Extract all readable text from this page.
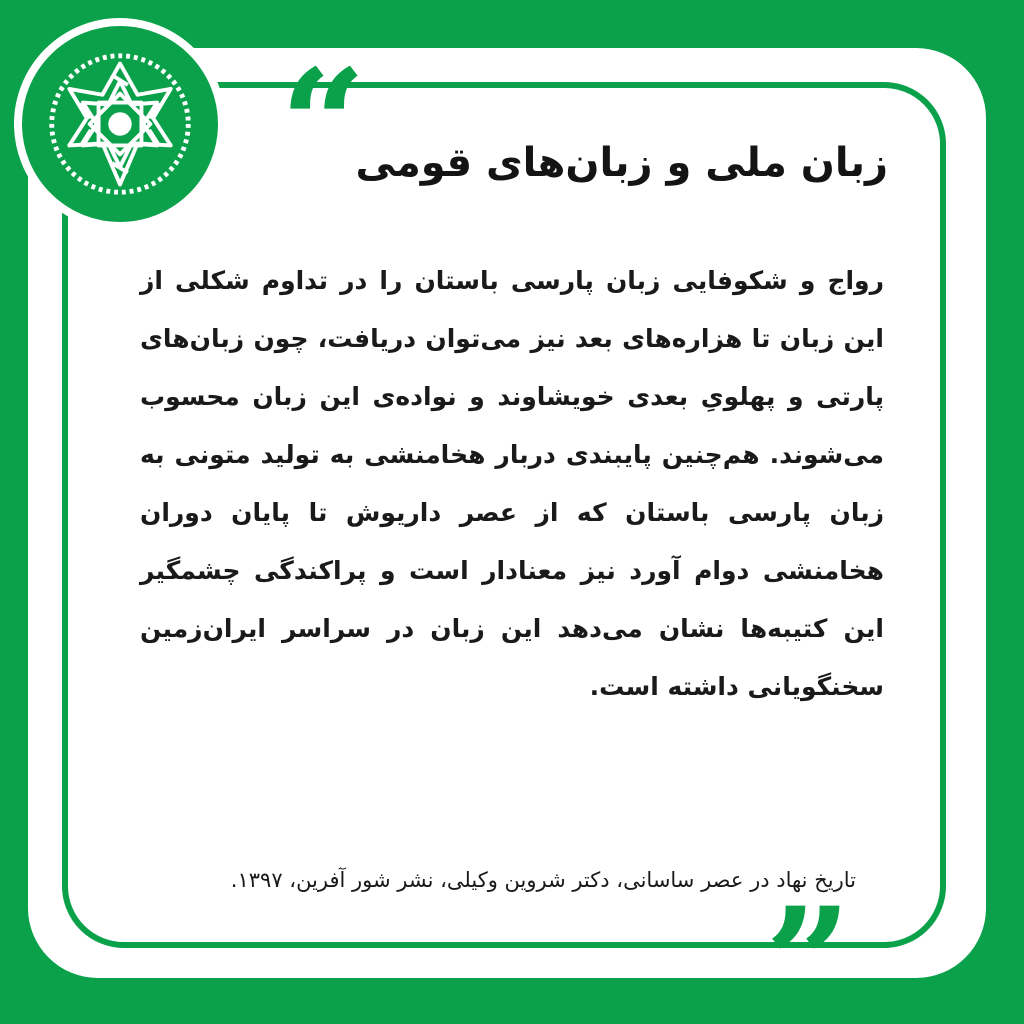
“
زبان ملی و زبان‌های قومی
رواج و شکوفایی زبان پارسی باستان را در تداوم شکلی از این زبان تا هزاره‌های بعد نیز می‌توان دریافت، چون زبان‌های پارتی و پهلویِ بعدی خویشاوند و نواده‌ی این زبان محسوب می‌شوند. هم‌چنین پایبندی دربار هخامنشی به تولید متونی به زبان پارسی باستان که از عصر داریوش تا پایان دوران هخامنشی دوام آورد نیز معنادار است و پراکندگی چشمگیر این کتیبه‌ها نشان می‌دهد این زبان در سراسر ایران‌زمین سخنگویانی داشته است.
تاریخ نهاد در عصر ساسانی، دکتر شروین وکیلی، نشر شور آفرین، ۱۳۹۷.
”
